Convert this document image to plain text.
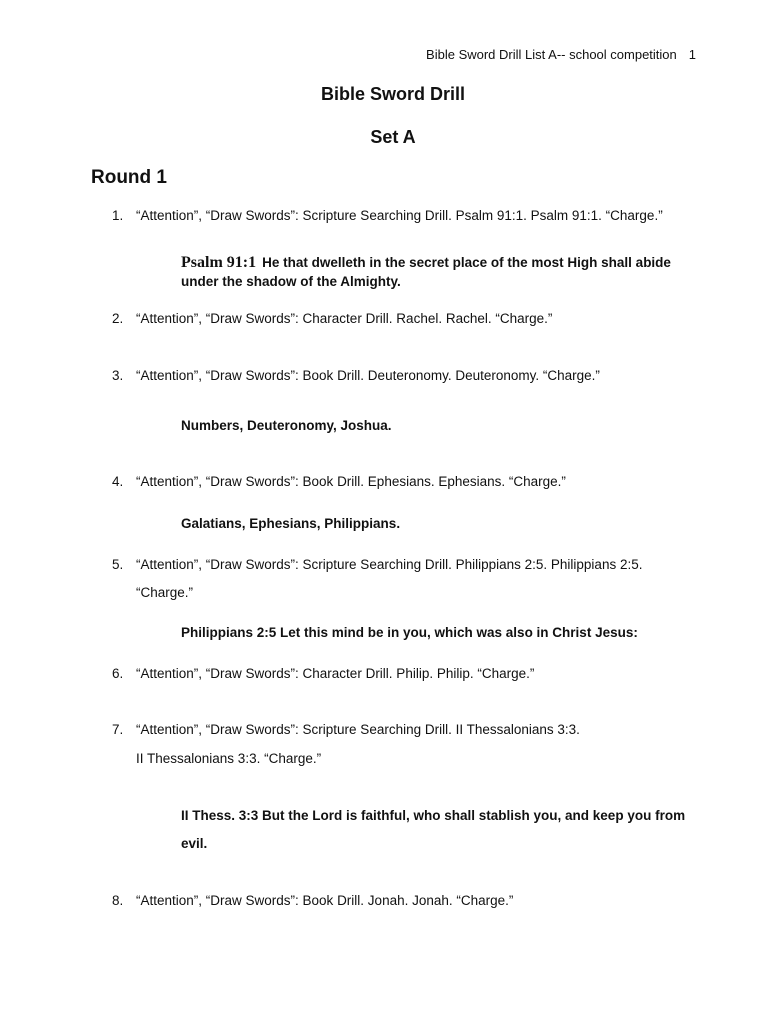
Bible Sword Drill List A-- school competition 1
Bible Sword Drill
Set A
Round 1
1. “Attention”, “Draw Swords”: Scripture Searching Drill. Psalm 91:1. Psalm 91:1. “Charge.”
Psalm 91:1 He that dwelleth in the secret place of the most High shall abide
under the shadow of the Almighty.
2. “Attention”, “Draw Swords”: Character Drill. Rachel. Rachel. “Charge.”
3. “Attention”, “Draw Swords”: Book Drill. Deuteronomy. Deuteronomy. “Charge.”
Numbers, Deuteronomy, Joshua.
4. “Attention”, “Draw Swords”: Book Drill. Ephesians. Ephesians. “Charge.”
Galatians, Ephesians, Philippians.
5. “Attention”, “Draw Swords”: Scripture Searching Drill. Philippians 2:5. Philippians 2:5.
“Charge.”
Philippians 2:5 Let this mind be in you, which was also in Christ Jesus:
6. “Attention”, “Draw Swords”: Character Drill. Philip. Philip. “Charge.”
7. “Attention”, “Draw Swords”: Scripture Searching Drill. II Thessalonians 3:3.
II Thessalonians 3:3. “Charge.”
II Thess. 3:3 But the Lord is faithful, who shall stablish you, and keep you from
evil.
8. “Attention”, “Draw Swords”: Book Drill. Jonah. Jonah. “Charge.”
